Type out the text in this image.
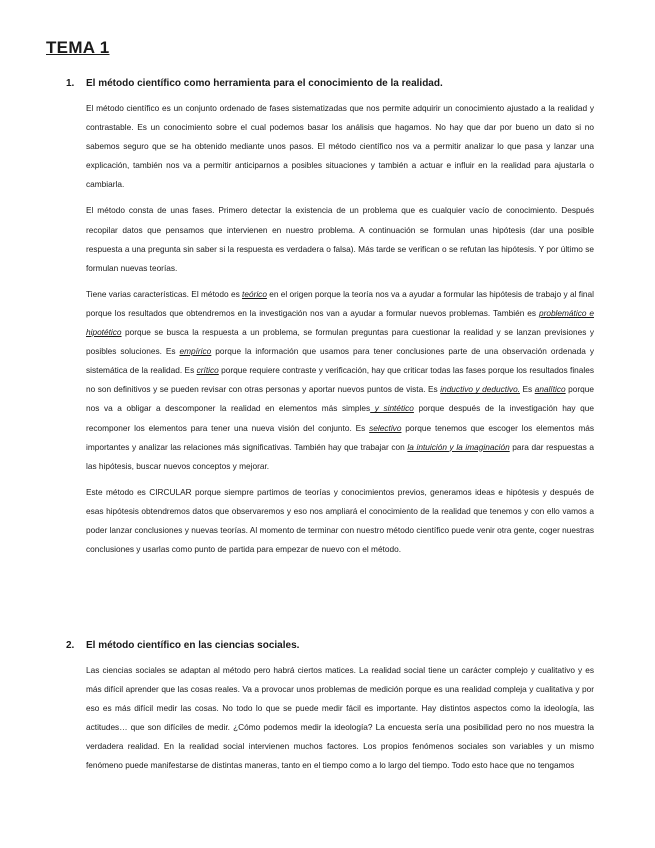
TEMA 1
1.	El método científico como herramienta para el conocimiento de la realidad.

El método científico es un conjunto ordenado de fases sistematizadas que nos permite adquirir un conocimiento ajustado a la realidad y contrastable. Es un conocimiento sobre el cual podemos basar los análisis que hagamos. No hay que dar por bueno un dato si no sabemos seguro que se ha obtenido mediante unos pasos. El método científico nos va a permitir analizar lo que pasa y lanzar una explicación, también nos va a permitir anticiparnos a posibles situaciones y también a actuar e influir en la realidad para ajustarla o cambiarla.

El método consta de unas fases. Primero detectar la existencia de un problema que es cualquier vacío de conocimiento. Después recopilar datos que pensamos que intervienen en nuestro problema. A continuación se formulan unas hipótesis (dar una posible respuesta a una pregunta sin saber si la respuesta es verdadera o falsa). Más tarde se verifican o se refutan las hipótesis. Y por último se formulan nuevas teorías.

Tiene varias características. El método es teórico en el origen porque la teoría nos va a ayudar a formular las hipótesis de trabajo y al final porque los resultados que obtendremos en la investigación nos van a ayudar a formular nuevos problemas. También es problemático e hipotético porque se busca la respuesta a un problema, se formulan preguntas para cuestionar la realidad y se lanzan previsiones y posibles soluciones. Es empírico porque la información que usamos para tener conclusiones parte de una observación ordenada y sistemática de la realidad. Es crítico porque requiere contraste y verificación, hay que criticar todas las fases porque los resultados finales no son definitivos y se pueden revisar con otras personas y aportar nuevos puntos de vista. Es inductivo y deductivo. Es analítico porque nos va a obligar a descomponer la realidad en elementos más simples y sintético porque después de la investigación hay que recomponer los elementos para tener una nueva visión del conjunto. Es selectivo porque tenemos que escoger los elementos más importantes y analizar las relaciones más significativas. También hay que trabajar con la intuición y la imaginación para dar respuestas a las hipótesis, buscar nuevos conceptos y mejorar.

Este método es CIRCULAR porque siempre partimos de teorías y conocimientos previos, generamos ideas e hipótesis y después de esas hipótesis obtendremos datos que observaremos y eso nos ampliará el conocimiento de la realidad que tenemos y con ello vamos a poder lanzar conclusiones y nuevas teorías. Al momento de terminar con nuestro método científico puede venir otra gente, coger nuestras conclusiones y usarlas como punto de partida para empezar de nuevo con el método.

2.	El método científico en las ciencias sociales.

Las ciencias sociales se adaptan al método pero habrá ciertos matices. La realidad social tiene un carácter complejo y cualitativo y es más difícil aprender que las cosas reales. Va a provocar unos problemas de medición porque es una realidad compleja y cualitativa y por eso es más difícil medir las cosas. No todo lo que se puede medir fácil es importante. Hay distintos aspectos como la ideología, las actitudes… que son difíciles de medir. ¿Cómo podemos medir la ideología? La encuesta sería una posibilidad pero no nos muestra la verdadera realidad. En la realidad social intervienen muchos factores. Los propios fenómenos sociales son variables y un mismo fenómeno puede manifestarse de distintas maneras, tanto en el tiempo como a lo largo del tiempo. Todo esto hace que no tengamos
